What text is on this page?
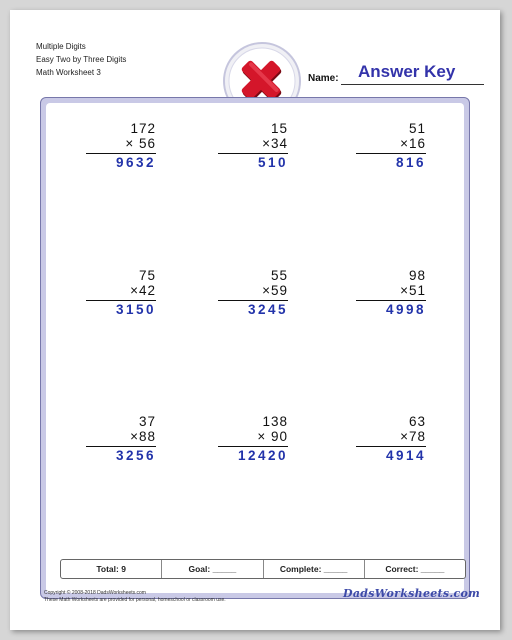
Multiple Digits
Easy Two by Three Digits
Math Worksheet 3
Name: Answer Key
172
× 56
9632
15
×34
510
51
×16
816
75
×42
3150
55
×59
3245
98
×51
4998
37
×88
3256
138
× 90
12420
63
×78
4914
Total: 9	Goal: _____	Complete: _____	Correct: _____
Copyright © 2008-2018 DadsWorksheets.com
These Math Worksheets are provided for personal, homeschool or classroom use.	DadsWorksheets.com
